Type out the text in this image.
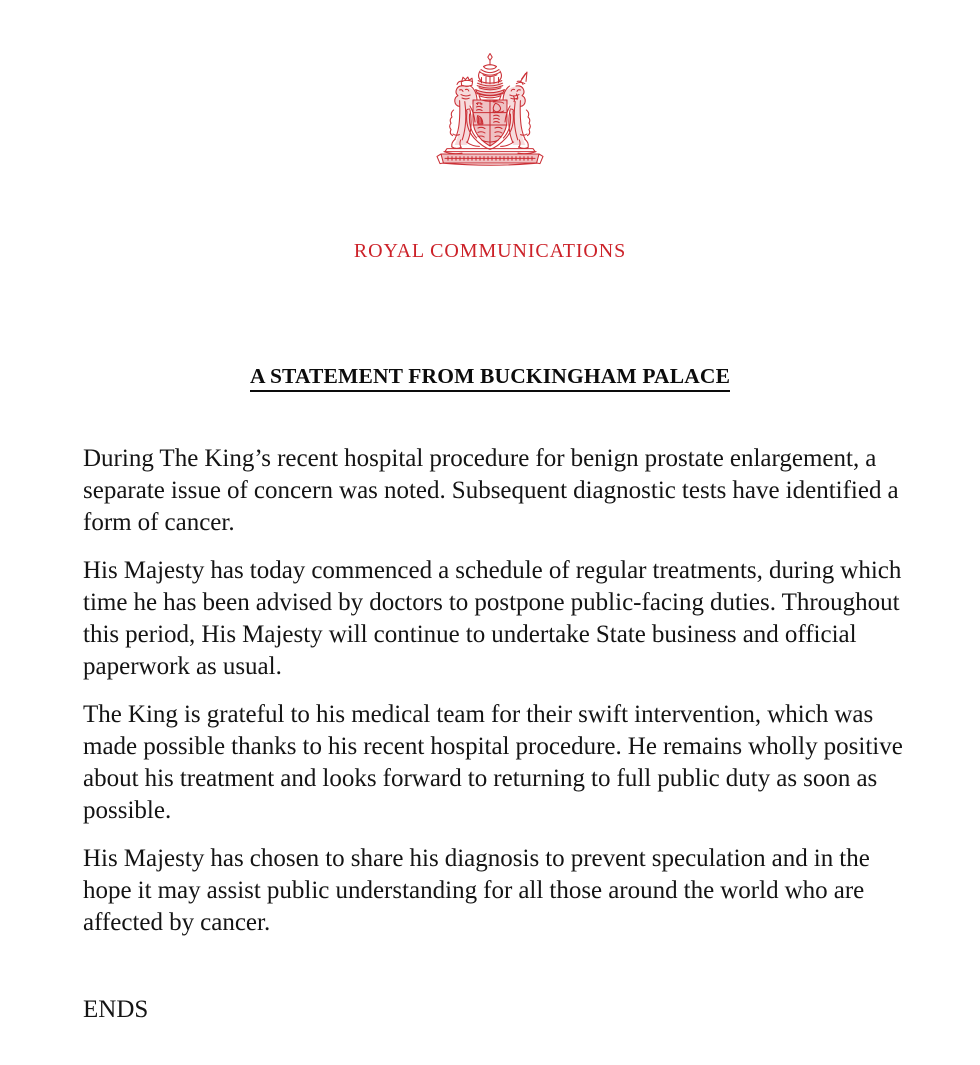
ROYAL COMMUNICATIONS
A STATEMENT FROM BUCKINGHAM PALACE

During The King’s recent hospital procedure for benign prostate enlargement, a separate issue of concern was noted. Subsequent diagnostic tests have identified a form of cancer.

His Majesty has today commenced a schedule of regular treatments, during which time he has been advised by doctors to postpone public-facing duties. Throughout this period, His Majesty will continue to undertake State business and official paperwork as usual.

The King is grateful to his medical team for their swift intervention, which was made possible thanks to his recent hospital procedure. He remains wholly positive about his treatment and looks forward to returning to full public duty as soon as possible.

His Majesty has chosen to share his diagnosis to prevent speculation and in the hope it may assist public understanding for all those around the world who are affected by cancer.

ENDS
